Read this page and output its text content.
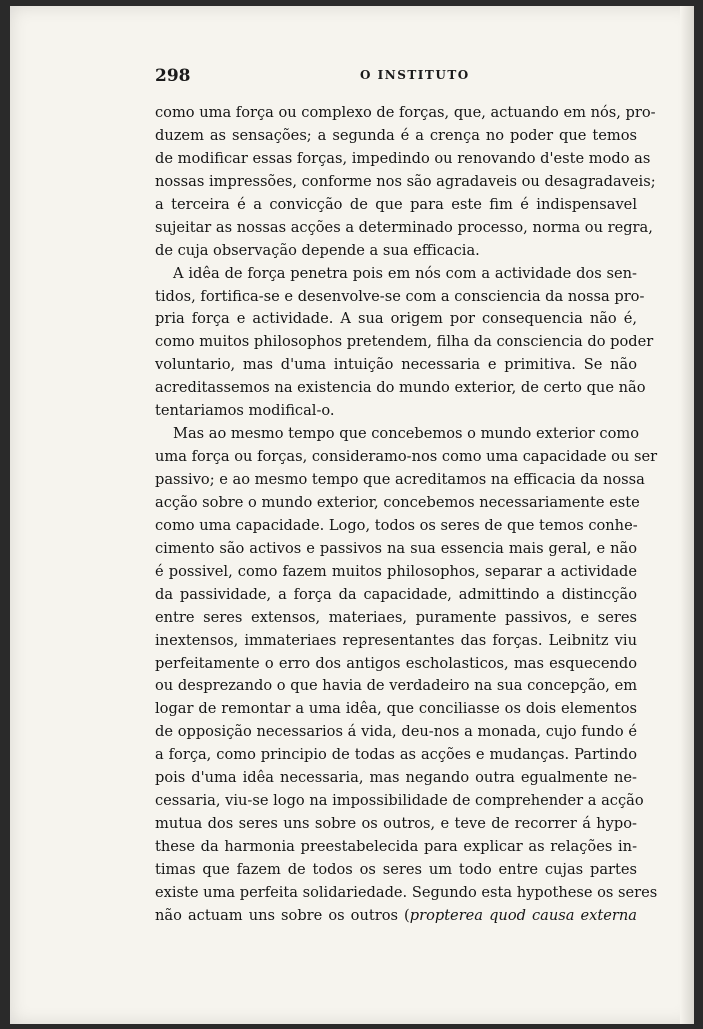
298	O INSTITUTO
como uma força ou complexo de forças, que, actuando em nós, pro-
duzem as sensações; a segunda é a crença no poder que temos
de modificar essas forças, impedindo ou renovando d'este modo as
nossas impressões, conforme nos são agradaveis ou desagradaveis;
a terceira é a convicção de que para este fim é indispensavel
sujeitar as nossas acções a determinado processo, norma ou regra,
de cuja observação depende a sua efficacia.
A idêa de força penetra pois em nós com a actividade dos sen-
tidos, fortifica-se e desenvolve-se com a consciencia da nossa pro-
pria força e actividade. A sua origem por consequencia não é,
como muitos philosophos pretendem, filha da consciencia do poder
voluntario, mas d'uma intuição necessaria e primitiva. Se não
acreditassemos na existencia do mundo exterior, de certo que não
tentariamos modifical-o.
Mas ao mesmo tempo que concebemos o mundo exterior como
uma força ou forças, consideramo-nos como uma capacidade ou ser
passivo; e ao mesmo tempo que acreditamos na efficacia da nossa
acção sobre o mundo exterior, concebemos necessariamente este
como uma capacidade. Logo, todos os seres de que temos conhe-
cimento são activos e passivos na sua essencia mais geral, e não
é possivel, como fazem muitos philosophos, separar a actividade
da passividade, a força da capacidade, admittindo a distincção
entre seres extensos, materiaes, puramente passivos, e seres
inextensos, immateriaes representantes das forças. Leibnitz viu
perfeitamente o erro dos antigos escholasticos, mas esquecendo
ou desprezando o que havia de verdadeiro na sua concepção, em
logar de remontar a uma idêa, que conciliasse os dois elementos
de opposição necessarios á vida, deu-nos a monada, cujo fundo é
a força, como principio de todas as acções e mudanças. Partindo
pois d'uma idêa necessaria, mas negando outra egualmente ne-
cessaria, viu-se logo na impossibilidade de comprehender a acção
mutua dos seres uns sobre os outros, e teve de recorrer á hypo-
these da harmonia preestabelecida para explicar as relações in-
timas que fazem de todos os seres um todo entre cujas partes
existe uma perfeita solidariedade. Segundo esta hypothese os seres
não actuam uns sobre os outros (propterea quod causa externa
